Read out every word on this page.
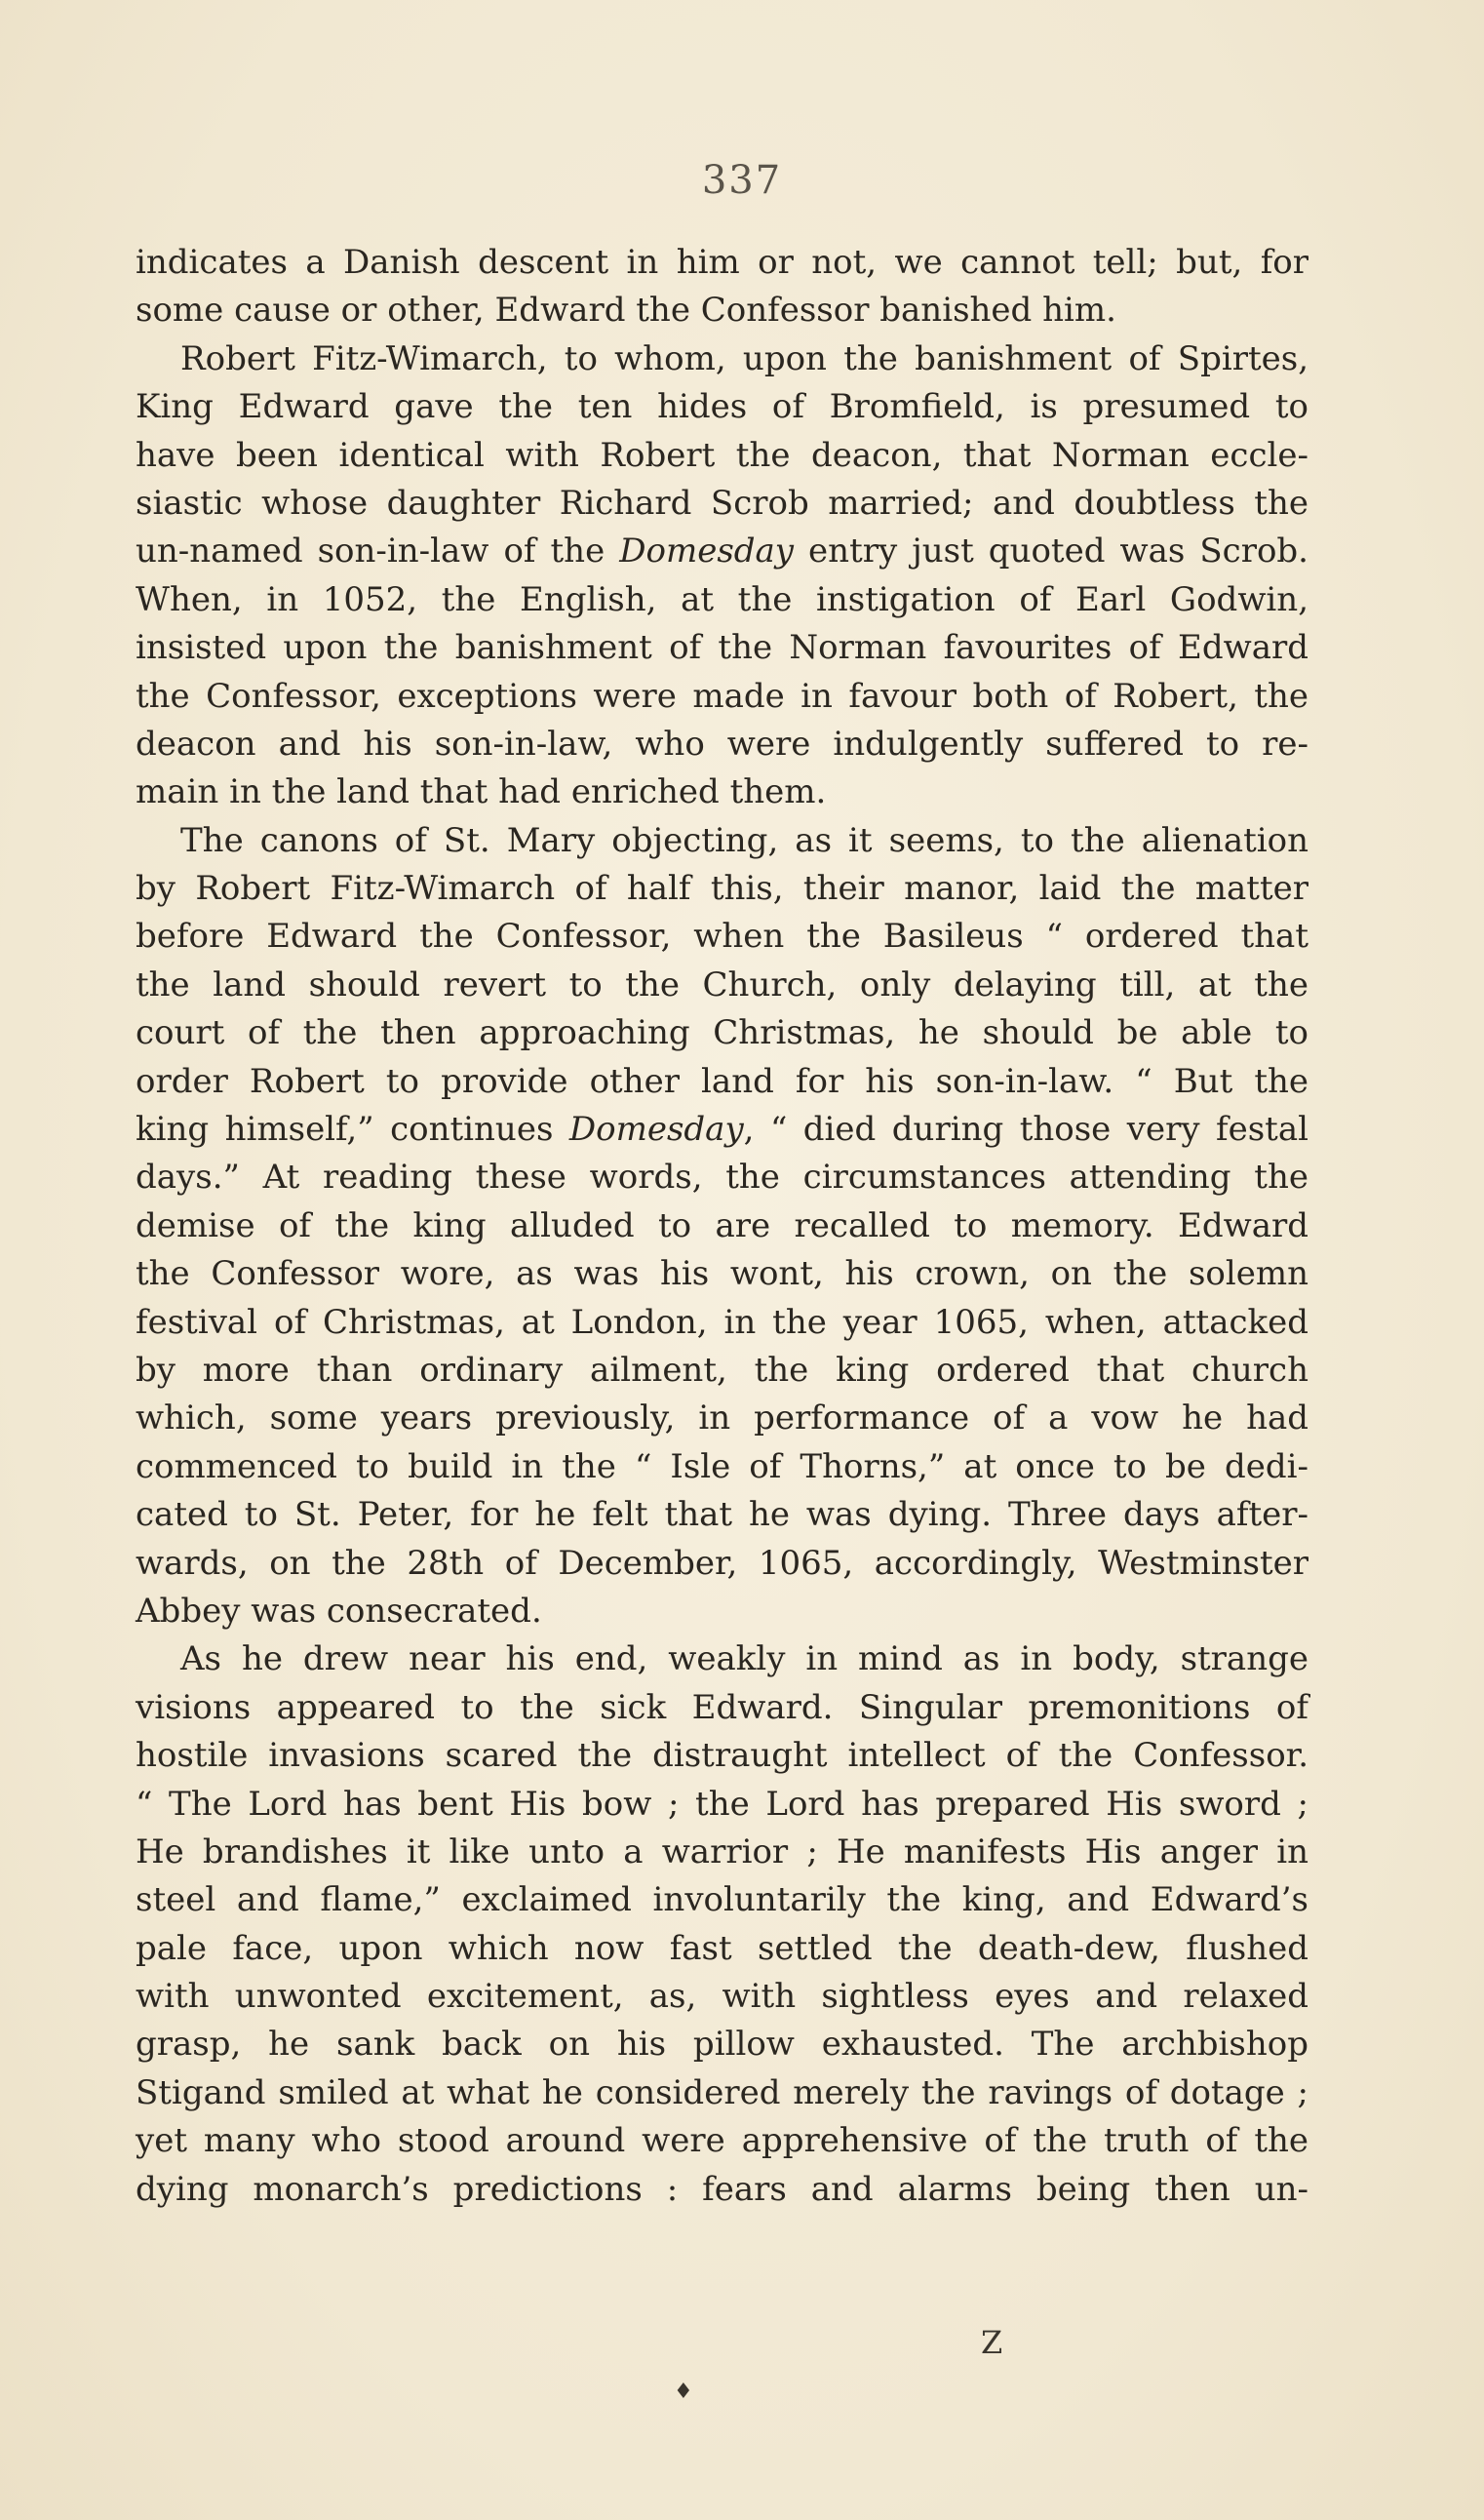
337
indicates a Danish descent in him or not, we cannot tell; but, for
some cause or other, Edward the Confessor banished him.
Robert Fitz-Wimarch, to whom, upon the banishment of Spirtes,
King Edward gave the ten hides of Bromfield, is presumed to
have been identical with Robert the deacon, that Norman eccle-
siastic whose daughter Richard Scrob married; and doubtless the
un-named son-in-law of the Domesday entry just quoted was Scrob.
When, in 1052, the English, at the instigation of Earl Godwin,
insisted upon the banishment of the Norman favourites of Edward
the Confessor, exceptions were made in favour both of Robert, the
deacon and his son-in-law, who were indulgently suffered to re-
main in the land that had enriched them.
The canons of St. Mary objecting, as it seems, to the alienation
by Robert Fitz-Wimarch of half this, their manor, laid the matter
before Edward the Confessor, when the Basileus “ ordered that
the land should revert to the Church, only delaying till, at the
court of the then approaching Christmas, he should be able to
order Robert to provide other land for his son-in-law. “ But the
king himself,” continues Domesday, “ died during those very festal
days.” At reading these words, the circumstances attending the
demise of the king alluded to are recalled to memory. Edward
the Confessor wore, as was his wont, his crown, on the solemn
festival of Christmas, at London, in the year 1065, when, attacked
by more than ordinary ailment, the king ordered that church
which, some years previously, in performance of a vow he had
commenced to build in the “ Isle of Thorns,” at once to be dedi-
cated to St. Peter, for he felt that he was dying. Three days after-
wards, on the 28th of December, 1065, accordingly, Westminster
Abbey was consecrated.
As he drew near his end, weakly in mind as in body, strange
visions appeared to the sick Edward. Singular premonitions of
hostile invasions scared the distraught intellect of the Confessor.
“ The Lord has bent His bow ; the Lord has prepared His sword ;
He brandishes it like unto a warrior ; He manifests His anger in
steel and flame,” exclaimed involuntarily the king, and Edward’s
pale face, upon which now fast settled the death-dew, flushed
with unwonted excitement, as, with sightless eyes and relaxed
grasp, he sank back on his pillow exhausted. The archbishop
Stigand smiled at what he considered merely the ravings of dotage ;
yet many who stood around were apprehensive of the truth of the
dying monarch’s predictions : fears and alarms being then un-
Z
♦
